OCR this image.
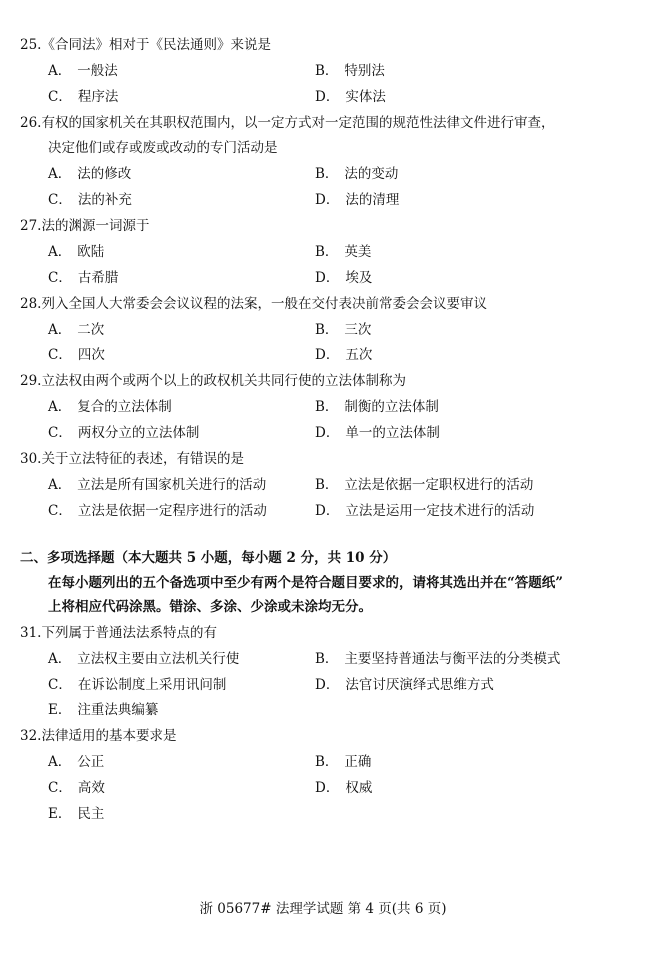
25.《合同法》相对于《民法通则》来说是
A． 一般法	B． 特别法
C． 程序法	D． 实体法
26.有权的国家机关在其职权范围内，以一定方式对一定范围的规范性法律文件进行审查，
决定他们或存或废或改动的专门活动是
A． 法的修改	B． 法的变动
C． 法的补充	D． 法的清理
27.法的渊源一词源于
A． 欧陆	B． 英美
C． 古希腊	D． 埃及
28.列入全国人大常委会会议议程的法案，一般在交付表决前常委会会议要审议
A． 二次	B． 三次
C． 四次	D． 五次
29.立法权由两个或两个以上的政权机关共同行使的立法体制称为
A． 复合的立法体制	B． 制衡的立法体制
C． 两权分立的立法体制	D． 单一的立法体制
30.关于立法特征的表述，有错误的是
A． 立法是所有国家机关进行的活动	B． 立法是依据一定职权进行的活动
C． 立法是依据一定程序进行的活动	D． 立法是运用一定技术进行的活动
二、多项选择题（本大题共 5 小题，每小题 2 分，共 10 分）
在每小题列出的五个备选项中至少有两个是符合题目要求的，请将其选出并在“答题纸”
上将相应代码涂黑。错涂、多涂、少涂或未涂均无分。
31.下列属于普通法法系特点的有
A． 立法权主要由立法机关行使	B． 主要坚持普通法与衡平法的分类模式
C． 在诉讼制度上采用讯问制	D． 法官讨厌演绎式思维方式
E． 注重法典编纂
32.法律适用的基本要求是
A． 公正	B． 正确
C． 高效	D． 权威
E． 民主
浙 05677# 法理学试题 第 4 页(共 6 页)
